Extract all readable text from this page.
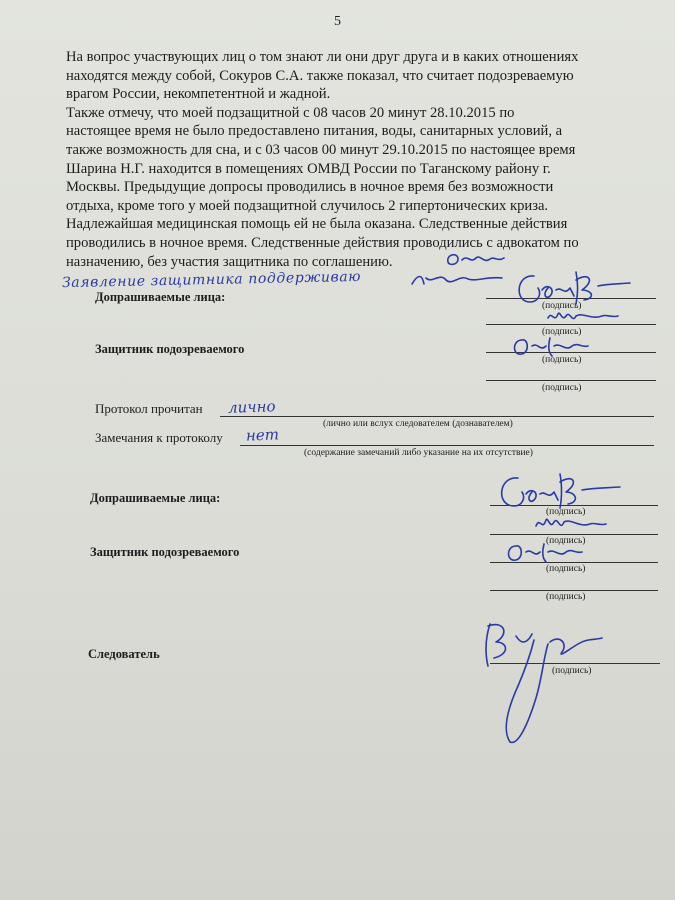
5

На вопрос участвующих лиц о том знают ли они друг друга и в каких отношениях

находятся между собой, Сокуров С.А. также показал, что считает подозреваемую

врагом России, некомпетентной и жадной.

Также отмечу, что моей подзащитной с 08 часов 20 минут 28.10.2015 по

настоящее время не было предоставлено питания, воды, санитарных условий, а

также возможность для сна, и с 03 часов 00 минут 29.10.2015 по настоящее время

Шарина Н.Г. находится в помещениях ОМВД России по Таганскому району г.

Москвы. Предыдущие допросы проводились в ночное время без возможности

отдыха, кроме того у моей подзащитной случилось 2 гипертонических криза.

Надлежайшая медицинская помощь ей не была оказана. Следственные действия

проводились в ночное время. Следственные действия проводились с адвокатом по

назначению, без участия защитника по соглашению.

Заявление защитника поддерживаю
Допрашиваемые лица:
(подпись)
(подпись)
Защитник подозреваемого
(подпись)
(подпись)
Протокол прочитан лично
(лично или вслух следователем (дознавателем)
Замечания к протоколу нет
(содержание замечаний либо указание на их отсутствие)
Допрашиваемые лица:
(подпись)
(подпись)
Защитник подозреваемого
(подпись)
(подпись)
Следователь
(подпись)
